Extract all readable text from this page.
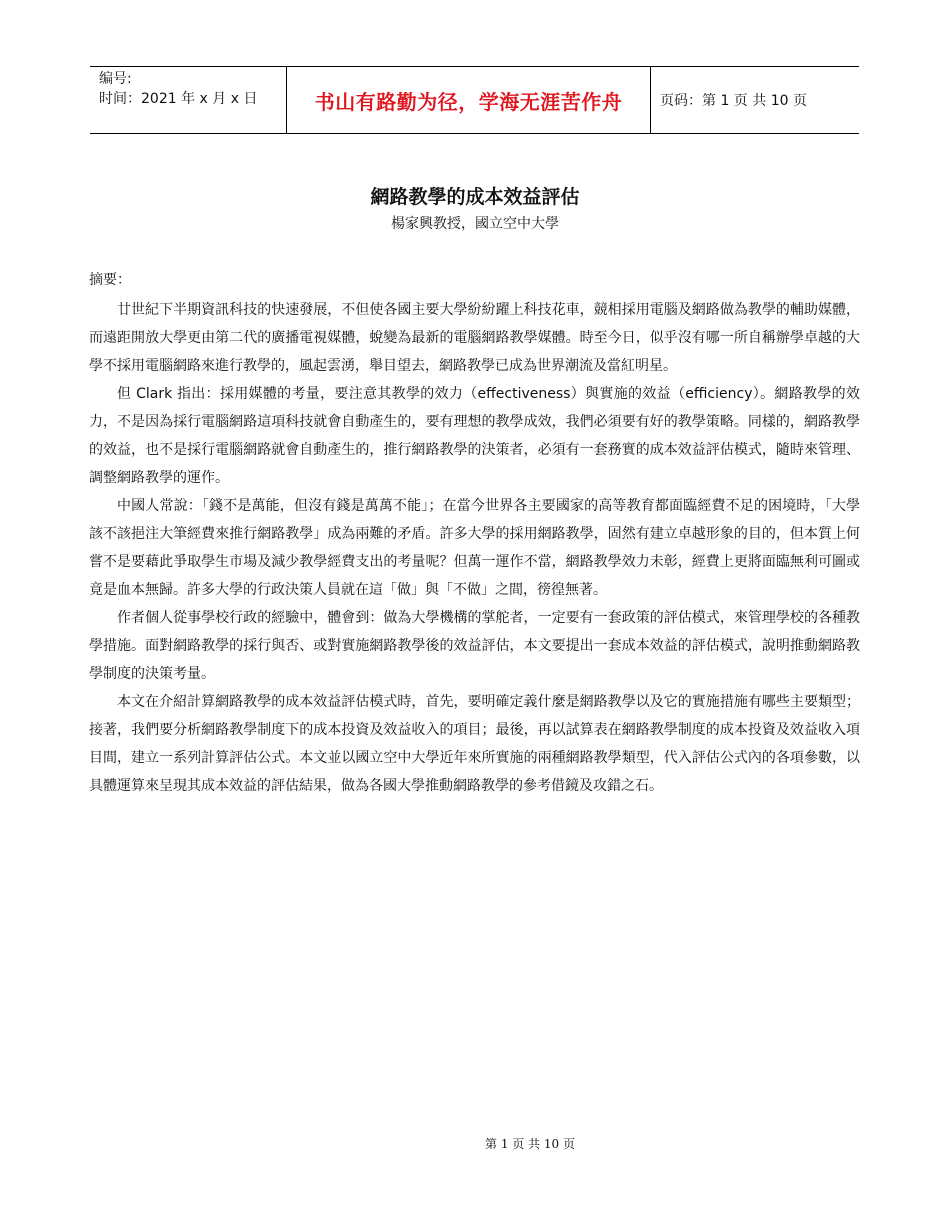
编号:
时间：2021 年 x 月 x 日	书山有路勤为径，学海无涯苦作舟	页码：第 1 页 共 10 页
網路教學的成本效益評估
楊家興教授，國立空中大學
摘要：

廿世紀下半期資訊科技的快速發展，不但使各國主要大學紛紛躍上科技花車，競相採用電腦及網路做為教學的輔助媒體，而遠距開放大學更由第二代的廣播電視媒體，蛻變為最新的電腦網路教學媒體。時至今日，似乎沒有哪一所自稱辦學卓越的大學不採用電腦網路來進行教學的，風起雲湧，舉目望去，網路教學已成為世界潮流及當紅明星。

但 Clark 指出：採用媒體的考量，要注意其教學的效力（effectiveness）與實施的效益（efficiency）。網路教學的效力，不是因為採行電腦網路這項科技就會自動產生的，要有理想的教學成效，我們必須要有好的教學策略。同樣的，網路教學的效益，也不是採行電腦網路就會自動產生的，推行網路教學的決策者，必須有一套務實的成本效益評估模式，隨時來管理、調整網路教學的運作。

中國人常說：「錢不是萬能，但沒有錢是萬萬不能」；在當今世界各主要國家的高等教育都面臨經費不足的困境時，「大學該不該挹注大筆經費來推行網路教學」成為兩難的矛盾。許多大學的採用網路教學，固然有建立卓越形象的目的，但本質上何嘗不是要藉此爭取學生市場及減少教學經費支出的考量呢？但萬一運作不當，網路教學效力未彰，經費上更將面臨無利可圖或竟是血本無歸。許多大學的行政決策人員就在這「做」與「不做」之間，徬徨無著。

作者個人從事學校行政的經驗中，體會到：做為大學機構的掌舵者，一定要有一套政策的評估模式，來管理學校的各種教學措施。面對網路教學的採行與否、或對實施網路教學後的效益評估，本文要提出一套成本效益的評估模式，說明推動網路教學制度的決策考量。

本文在介紹計算網路教學的成本效益評估模式時，首先，要明確定義什麼是網路教學以及它的實施措施有哪些主要類型；接著，我們要分析網路教學制度下的成本投資及效益收入的項目；最後，再以試算表在網路教學制度的成本投資及效益收入項目間，建立一系列計算評估公式。本文並以國立空中大學近年來所實施的兩種網路教學類型，代入評估公式內的各項參數，以具體運算來呈現其成本效益的評估結果，做為各國大學推動網路教學的參考借鏡及攻錯之石。

第 1 页 共 10 页
